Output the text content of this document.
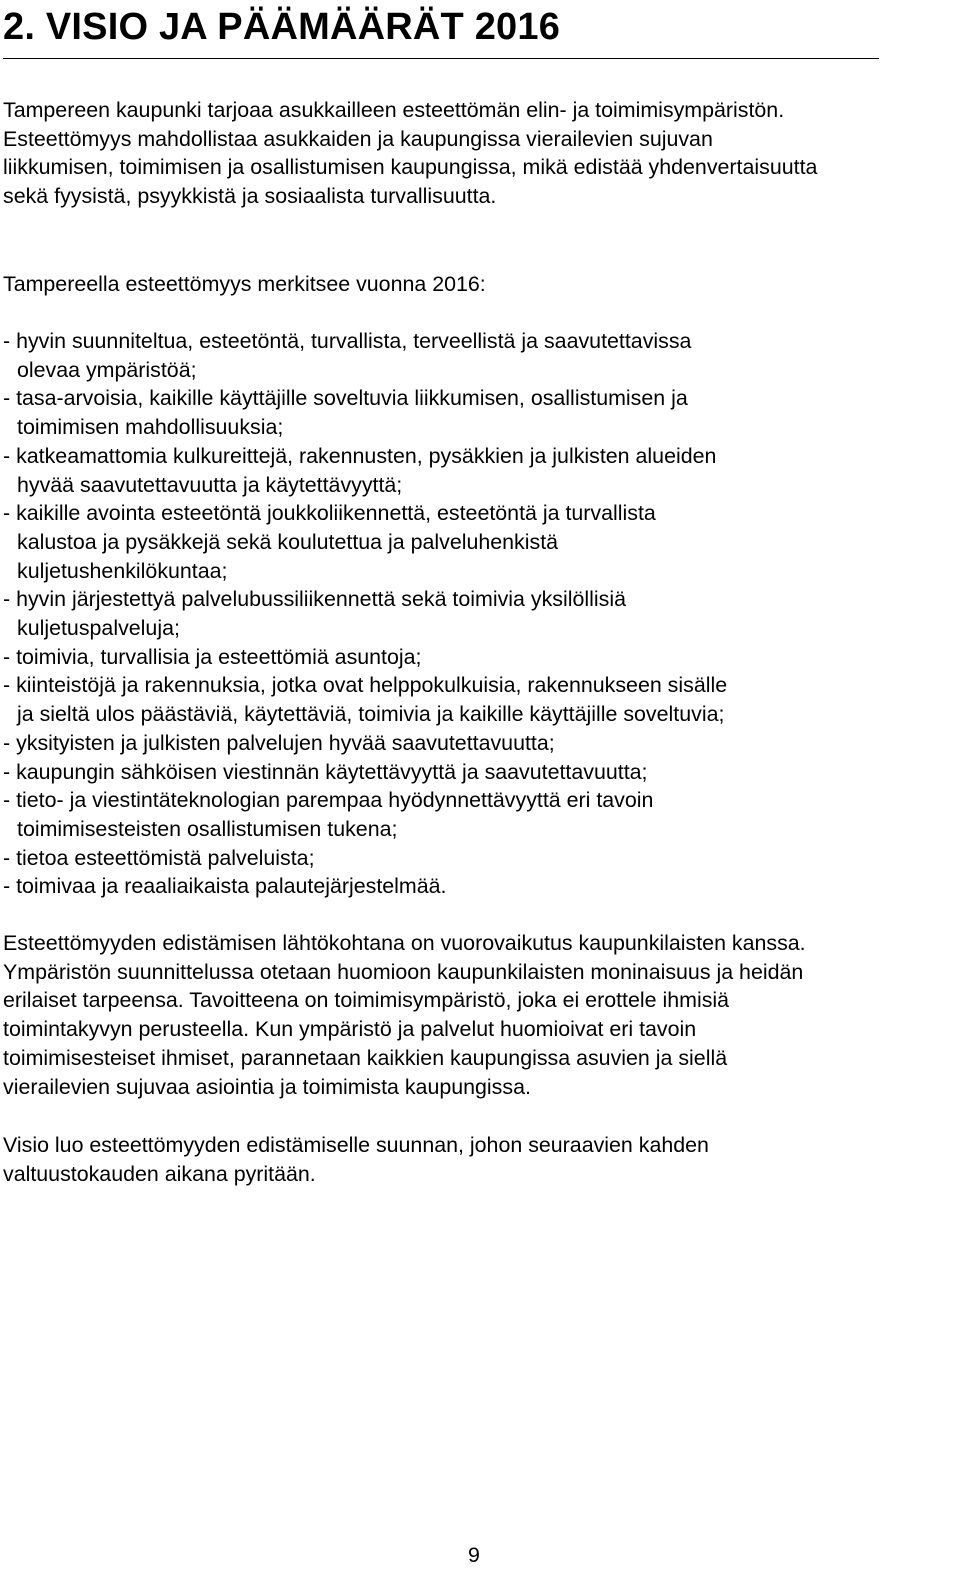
2. VISIO JA PÄÄMÄÄRÄT 2016

Tampereen kaupunki tarjoaa asukkailleen esteettömän elin- ja toimimisympäristön.
Esteettömyys mahdollistaa asukkaiden ja kaupungissa vierailevien sujuvan
liikkumisen, toimimisen ja osallistumisen kaupungissa, mikä edistää yhdenvertaisuutta
sekä fyysistä, psyykkistä ja sosiaalista turvallisuutta.

Tampereella esteettömyys merkitsee vuonna 2016:

- hyvin suunniteltua, esteetöntä, turvallista, terveellistä ja saavutettavissa
olevaa ympäristöä;
- tasa-arvoisia, kaikille käyttäjille soveltuvia liikkumisen, osallistumisen ja
toimimisen mahdollisuuksia;
- katkeamattomia kulkureittejä, rakennusten, pysäkkien ja julkisten alueiden
hyvää saavutettavuutta ja käytettävyyttä;
- kaikille avointa esteetöntä joukkoliikennettä, esteetöntä ja turvallista
kalustoa ja pysäkkejä sekä koulutettua ja palveluhenkistä
kuljetushenkilökuntaa;
- hyvin järjestettyä palvelubussiliikennettä sekä toimivia yksilöllisiä
kuljetuspalveluja;
- toimivia, turvallisia ja esteettömiä asuntoja;
- kiinteistöjä ja rakennuksia, jotka ovat helppokulkuisia, rakennukseen sisälle
ja sieltä ulos päästäviä, käytettäviä, toimivia ja kaikille käyttäjille soveltuvia;
- yksityisten ja julkisten palvelujen hyvää saavutettavuutta;
- kaupungin sähköisen viestinnän käytettävyyttä ja saavutettavuutta;
- tieto- ja viestintäteknologian parempaa hyödynnettävyyttä eri tavoin
toimimisesteisten osallistumisen tukena;
- tietoa esteettömistä palveluista;
- toimivaa ja reaaliaikaista palautejärjestelmää.

Esteettömyyden edistämisen lähtökohtana on vuorovaikutus kaupunkilaisten kanssa.
Ympäristön suunnittelussa otetaan huomioon kaupunkilaisten moninaisuus ja heidän
erilaiset tarpeensa. Tavoitteena on toimimisympäristö, joka ei erottele ihmisiä
toimintakyvyn perusteella. Kun ympäristö ja palvelut huomioivat eri tavoin
toimimisesteiset ihmiset, parannetaan kaikkien kaupungissa asuvien ja siellä
vierailevien sujuvaa asiointia ja toimimista kaupungissa.

Visio luo esteettömyyden edistämiselle suunnan, johon seuraavien kahden
valtuustokauden aikana pyritään.

9
